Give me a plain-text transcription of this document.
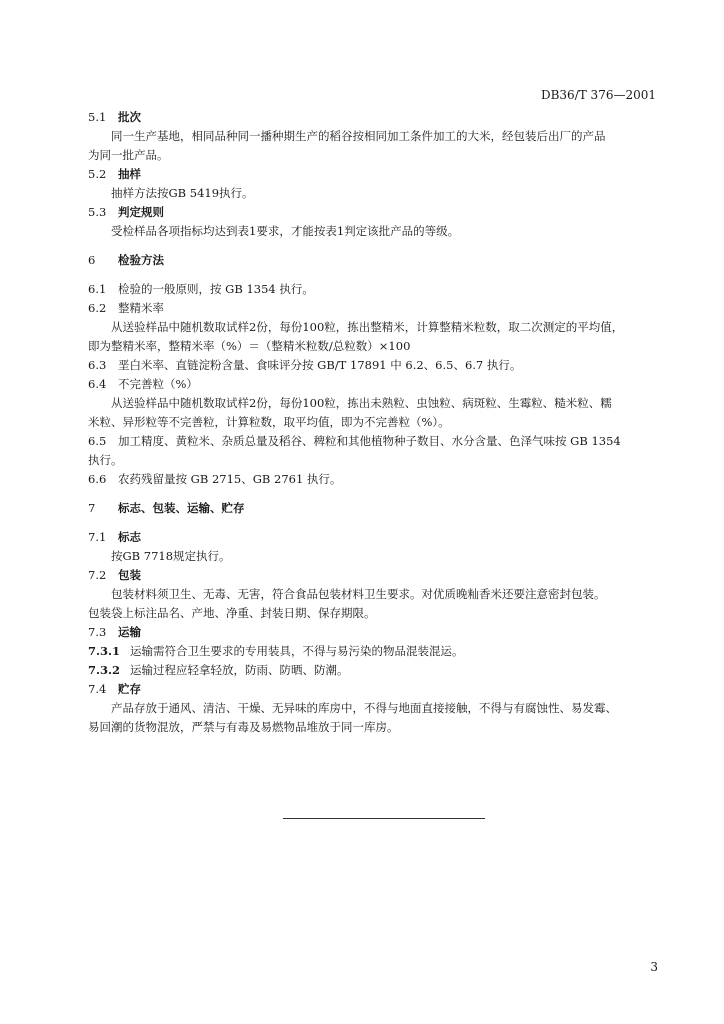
DB36/T 376—2001
5.1 批次
同一生产基地，相同品种同一播种期生产的稻谷按相同加工条件加工的大米，经包装后出厂的产品
为同一批产品。
5.2 抽样
抽样方法按GB 5419执行。
5.3 判定规则
受检样品各项指标均达到表1要求，才能按表1判定该批产品的等级。
6 检验方法
6.1 检验的一般原则，按 GB 1354 执行。
6.2 整精米率
从送验样品中随机数取试样2份，每份100粒，拣出整精米，计算整精米粒数，取二次测定的平均值，
即为整精米率，整精米率（%）＝（整精米粒数/总粒数）×100
6.3 垩白米率、直链淀粉含量、食味评分按 GB/T 17891 中 6.2、6.5、6.7 执行。
6.4 不完善粒（%）
从送验样品中随机数取试样2份，每份100粒，拣出未熟粒、虫蚀粒、病斑粒、生霉粒、糙米粒、糯
米粒、异形粒等不完善粒，计算粒数，取平均值，即为不完善粒（%）。
6.5 加工精度、黄粒米、杂质总量及稻谷、稗粒和其他植物种子数目、水分含量、色泽气味按 GB 1354
执行。
6.6 农药残留量按 GB 2715、GB 2761 执行。
7 标志、包装、运输、贮存
7.1 标志
按GB 7718规定执行。
7.2 包装
包装材料须卫生、无毒、无害，符合食品包装材料卫生要求。对优质晚籼香米还要注意密封包装。
包装袋上标注品名、产地、净重、封装日期、保存期限。
7.3 运输
7.3.1 运输需符合卫生要求的专用装具，不得与易污染的物品混装混运。
7.3.2 运输过程应轻拿轻放，防雨、防晒、防潮。
7.4 贮存
产品存放于通风、清洁、干燥、无异味的库房中，不得与地面直接接触，不得与有腐蚀性、易发霉、
易回潮的货物混放，严禁与有毒及易燃物品堆放于同一库房。
3
